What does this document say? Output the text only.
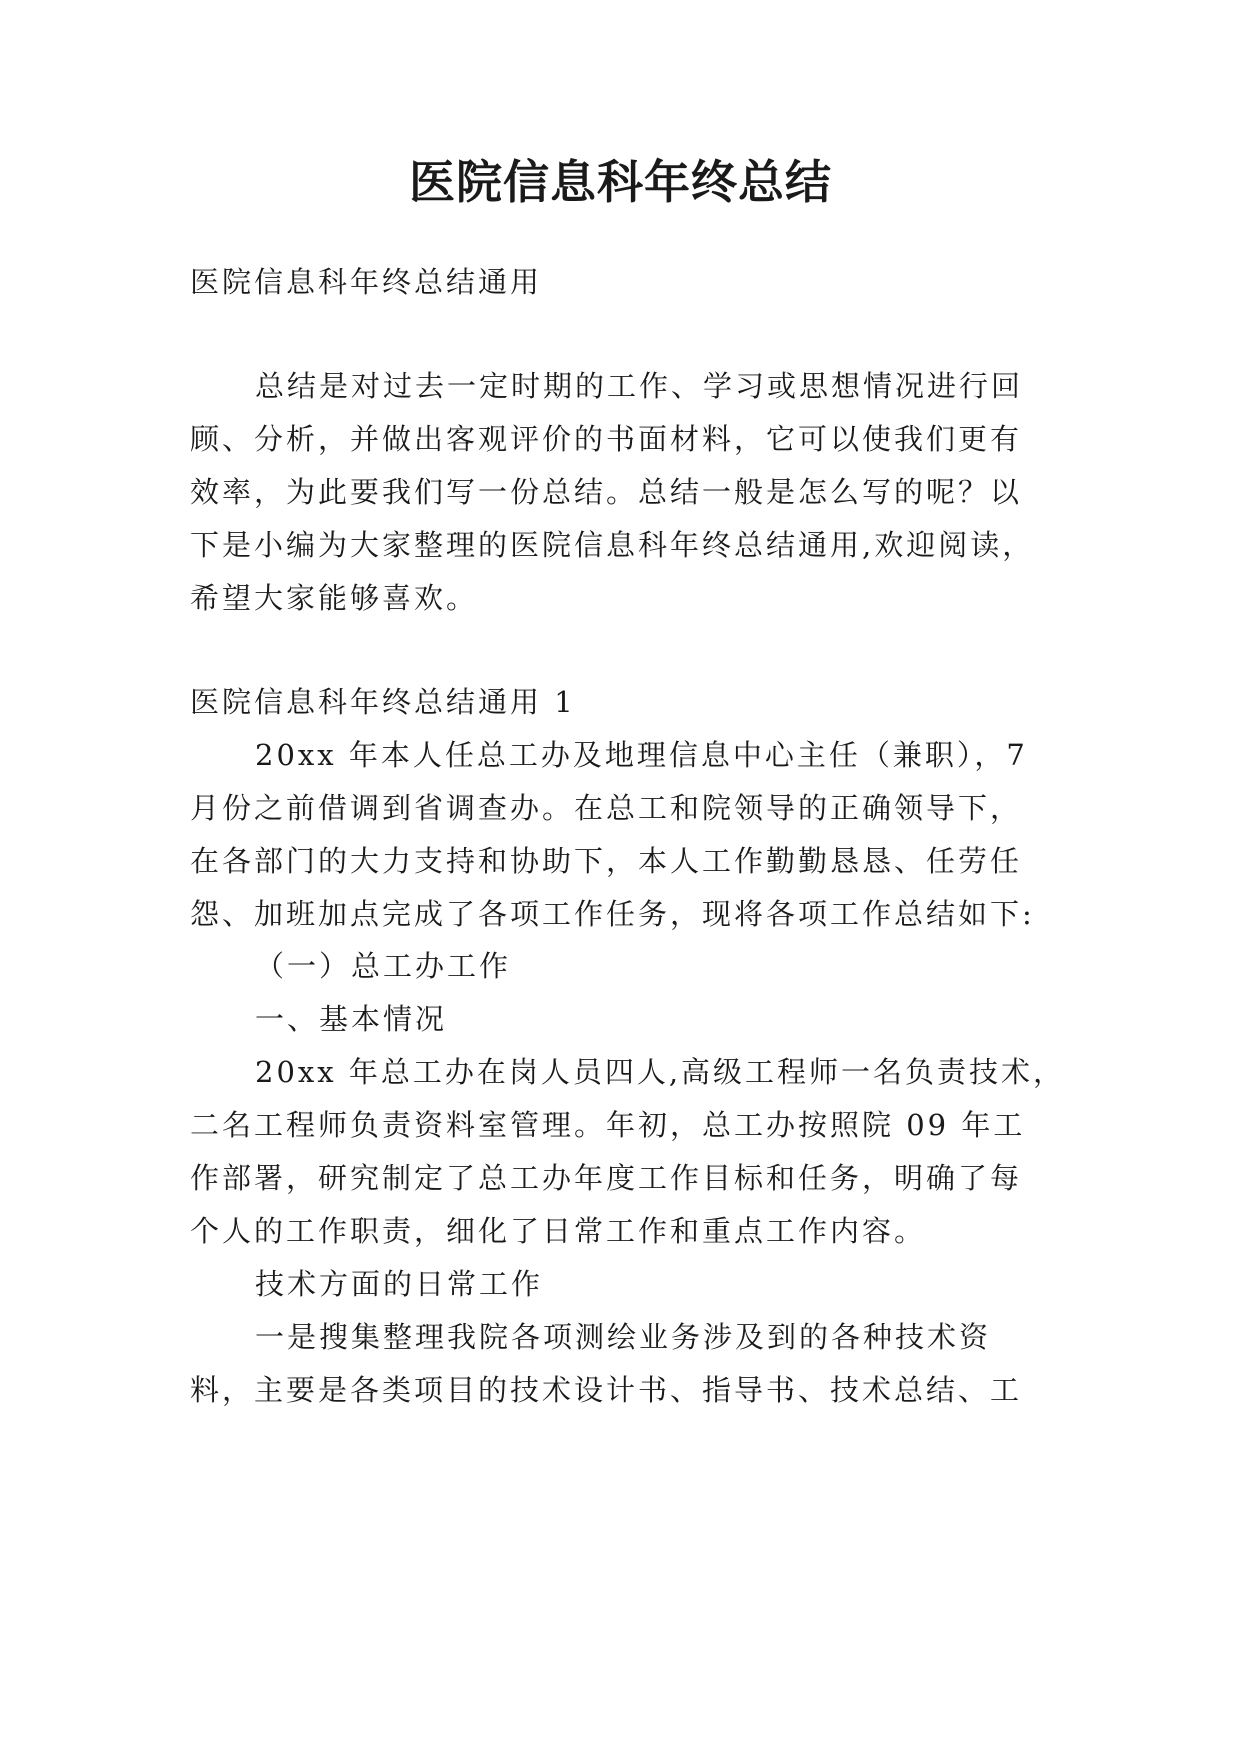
医院信息科年终总结
医院信息科年终总结通用
总结是对过去一定时期的工作、学习或思想情况进行回
顾、分析，并做出客观评价的书面材料，它可以使我们更有
效率，为此要我们写一份总结。总结一般是怎么写的呢？以
下是小编为大家整理的医院信息科年终总结通用,欢迎阅读，
希望大家能够喜欢。
医院信息科年终总结通用 1
20xx 年本人任总工办及地理信息中心主任（兼职），7
月份之前借调到省调查办。在总工和院领导的正确领导下，
在各部门的大力支持和协助下，本人工作勤勤恳恳、任劳任
怨、加班加点完成了各项工作任务，现将各项工作总结如下:
（一）总工办工作
一、基本情况
20xx 年总工办在岗人员四人,高级工程师一名负责技术，
二名工程师负责资料室管理。年初，总工办按照院 09 年工
作部署，研究制定了总工办年度工作目标和任务，明确了每
个人的工作职责，细化了日常工作和重点工作内容。
技术方面的日常工作
一是搜集整理我院各项测绘业务涉及到的各种技术资
料，主要是各类项目的技术设计书、指导书、技术总结、工
